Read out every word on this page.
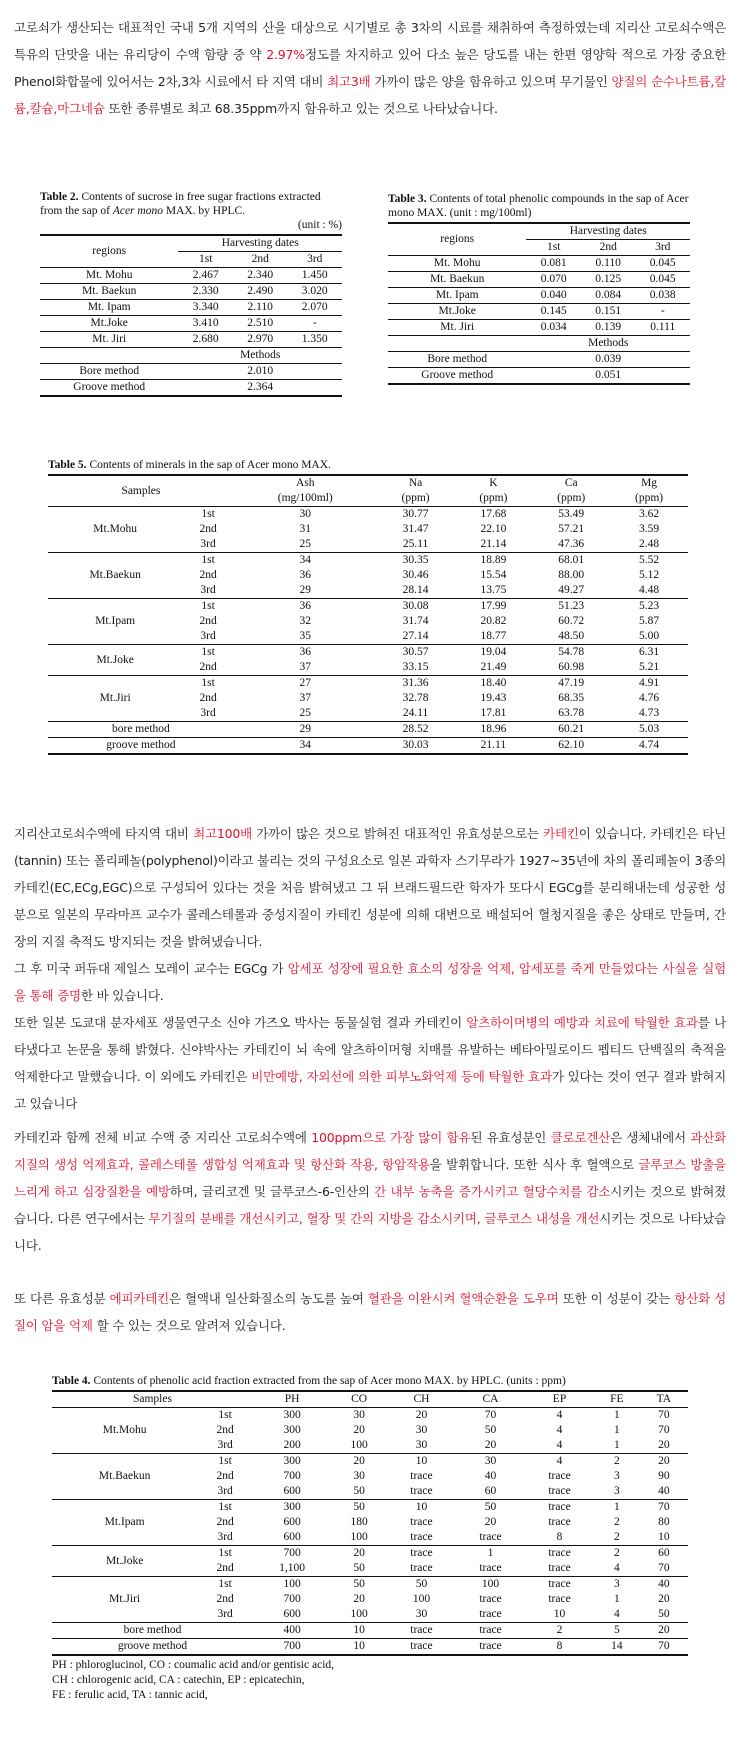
고로쇠가 생산되는 대표적인 국내 5개 지역의 산을 대상으로 시기별로 총 3차의 시료를 채취하여 측정하였는데 지리산 고로쇠수액은 특유의 단맛을 내는 유리당이 수액 함량 중 약 2.97%정도를 차지하고 있어 다소 높은 당도를 내는 한편 영양학 적으로 가장 중요한 Phenol화합물에 있어서는 2차,3차 시료에서 타 지역 대비 최고3배 가까이 많은 양을 함유하고 있으며 무기물인 양질의 순수나트륨,칼륨,칼슘,마그네슘 또한 종류별로 최고 68.35ppm까지 함유하고 있는 것으로 나타났습니다.

Table 2. Contents of sucrose in free sugar fractions extracted from the sap of Acer mono MAX. by HPLC.
(unit : %)

regions	Harvesting dates		
	1st	2nd	3rd
Mt. Mohu	2.467	2.340	1.450
Mt. Baekun	2.330	2.490	3.020
Mt. Ipam	3.340	2.110	2.070
Mt.Joke	3.410	2.510	-
Mt. Jiri	2.680	2.970	1.350
	Methods		
Bore method	2.010		
Groove method	2.364		

Table 3. Contents of total phenolic compounds in the sap of Acer mono MAX. (unit : mg/100ml)

regions	Harvesting dates		
	1st	2nd	3rd
Mt. Mohu	0.081	0.110	0.045
Mt. Baekun	0.070	0.125	0.045
Mt. Ipam	0.040	0.084	0.038
Mt.Joke	0.145	0.151	-
Mt. Jiri	0.034	0.139	0.111
	Methods		
Bore method	0.039		
Groove method	0.051		

Table 5. Contents of minerals in the sap of Acer mono MAX.

Samples		Ash	Na	K	Ca	Mg
		(mg/100ml)	(ppm)	(ppm)	(ppm)	(ppm)
Mt.Mohu	1st	30	30.77	17.68	53.49	3.62
	2nd	31	31.47	22.10	57.21	3.59
	3rd	25	25.11	21.14	47.36	2.48
Mt.Baekun	1st	34	30.35	18.89	68.01	5.52
	2nd	36	30.46	15.54	88.00	5.12
	3rd	29	28.14	13.75	49.27	4.48
Mt.Ipam	1st	36	30.08	17.99	51.23	5.23
	2nd	32	31.74	20.82	60.72	5.87
	3rd	35	27.14	18.77	48.50	5.00
Mt.Joke	1st	36	30.57	19.04	54.78	6.31
	2nd	37	33.15	21.49	60.98	5.21
Mt.Jiri	1st	27	31.36	18.40	47.19	4.91
	2nd	37	32.78	19.43	68.35	4.76
	3rd	25	24.11	17.81	63.78	4.73
bore method		29	28.52	18.96	60.21	5.03
groove method		34	30.03	21.11	62.10	4.74

지리산고로쇠수액에 타지역 대비 최고100배 가까이 많은 것으로 밝혀진 대표적인 유효성분으로는 카테킨이 있습니다. 카테킨은 타닌(tannin) 또는 폴리페놀(polyphenol)이라고 불리는 것의 구성요소로 일본 과학자 스기무라가 1927~35년에 차의 폴리페놀이 3종의 카테킨(EC,ECg,EGC)으로 구성되어 있다는 것을 처음 밝혀냈고 그 뒤 브래드필드란 학자가 또다시 EGCg를 분리해내는데 성공한 성분으로 일본의 무라마프 교수가 콜레스테롤과 중성지질이 카테킨 성분에 의해 대변으로 배설되어 혈청지질을 좋은 상태로 만들며, 간장의 지질 축적도 방지되는 것을 밝혀냈습니다.

그 후 미국 퍼듀대 제일스 모레이 교수는 EGCg 가 암세포 성장에 필요한 효소의 성장을 억제, 암세포를 죽게 만들었다는 사실을 실험을 통해 증명한 바 있습니다.

또한 일본 도쿄대 분자세포 생물연구소 신야 가즈오 박사는 동물실험 결과 카테킨이 알츠하이머병의 예방과 치료에 탁월한 효과를 나타냈다고 논문을 통해 밝혔다. 신야박사는 카테킨이 뇌 속에 알츠하이머형 치매를 유발하는 베타아밀로이드 펩티드 단백질의 축적을 억제한다고 말했습니다. 이 외에도 카테킨은 비만예방, 자외선에 의한 피부노화억제 등에 탁월한 효과가 있다는 것이 연구 결과 밝혀지고 있습니다

카테킨과 함께 전체 비교 수액 중 지리산 고로쇠수액에 100ppm으로 가장 많이 함유된 유효성분인 클로로겐산은 생체내에서 과산화지질의 생성 억제효과, 콜레스테롤 생합성 억제효과 및 항산화 작용, 항암작용을 발휘합니다. 또한 식사 후 혈액으로 글루코스 방출을 느리게 하고 심장질환을 예방하며, 글리코겐 및 글루코스-6-인산의 간 내부 농축을 증가시키고 혈당수치를 감소시키는 것으로 밝혀졌습니다. 다른 연구에서는 무기질의 분배를 개선시키고, 혈장 및 간의 지방을 감소시키며, 글루코스 내성을 개선시키는 것으로 나타났습니다.

또 다른 유효성분 에피카테킨은 혈액내 일산화질소의 농도를 높여 혈관을 이완시켜 혈액순환을 도우며 또한 이 성분이 갖는 항산화 성질이 암을 억제 할 수 있는 것으로 알려져 있습니다.

Table 4. Contents of phenolic acid fraction extracted from the sap of Acer mono MAX. by HPLC. (units : ppm)

Samples		PH	CO	CH	CA	EP	FE	TA
Mt.Mohu	1st	300	30	20	70	4	1	70
	2nd	300	20	30	50	4	1	70
	3rd	200	100	30	20	4	1	20
Mt.Baekun	1st	300	20	10	30	4	2	20
	2nd	700	30	trace	40	trace	3	90
	3rd	600	50	trace	60	trace	3	40
Mt.Ipam	1st	300	50	10	50	trace	1	70
	2nd	600	180	trace	20	trace	2	80
	3rd	600	100	trace	trace	8	2	10
Mt.Joke	1st	700	20	trace	1	trace	2	60
	2nd	1,100	50	trace	trace	trace	4	70
Mt.Jiri	1st	100	50	50	100	trace	3	40
	2nd	700	20	100	trace	trace	1	20
	3rd	600	100	30	trace	10	4	50
bore method		400	10	trace	trace	2	5	20
groove method		700	10	trace	trace	8	14	70

PH : phloroglucinol, CO : coumalic acid and/or gentisic acid,
CH : chlorogenic acid, CA : catechin, EP : epicatechin,
FE : ferulic acid, TA : tannic acid,
